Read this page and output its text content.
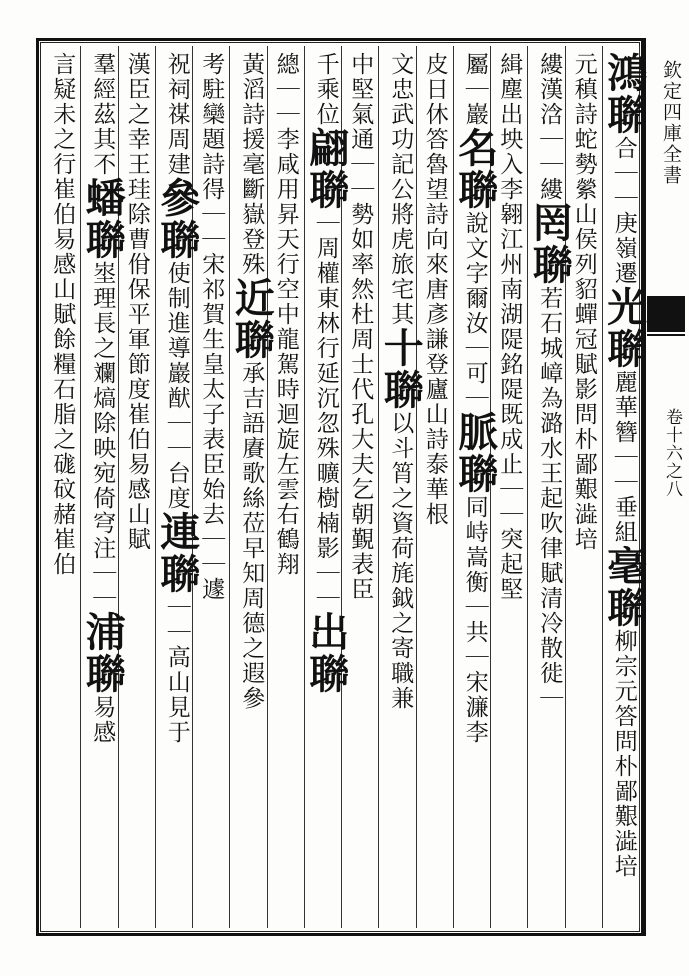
欽定四庫全書
卷十六之八
鴻聯合｜｜庚嶺遷光聯麗華簪｜｜垂組毫聯柳宗元答問朴鄙艱澁培
元稹詩蛇勢縈山侯列貂蟬冠賦影問朴鄙艱澁培
縷漢浛｜｜縷罔聯若石城嶂為潞水王起吹律賦清冷散徙｜
緝塵出坱入李翱江州南湖隄銘隄既成止｜｜突起堅
屬｜巖名聯說文字爾汝｜可｜脈聯同峙嵩衡｜共｜宋濂李
皮日休答魯望詩向來唐彥謙登廬山詩泰華根
文忠武功記公將虎旅宅其十聯以斗筲之資荷旄鉞之寄職兼
中堅氣通｜｜勢如率然杜周士代孔大夫乞朝覲表臣
千乘位翩聯｜周權東林行延沉忽殊曠樹楠影｜｜出聯
總｜｜李咸用昇天行空中龍駕時迴旋左雲右鶴翔
黃滔詩援毫斷嶽登殊近聯承吉語賡歌絲莅早知周德之遐參
考駐欒題詩得｜｜宋祁賀生皇太子表臣始去｜｜遽
祝祠禖周建參聯使制進導巖猷｜｜台度連聯｜｜高山見于
漢臣之幸王珪除曹佾保平軍節度崔伯易感山賦
羣經茲其不蟠聯埊理長之斕熇除映宛倚穹注｜｜浦聯易感
言疑未之行崔伯易感山賦餘糧石脂之硥砇赭崔伯
